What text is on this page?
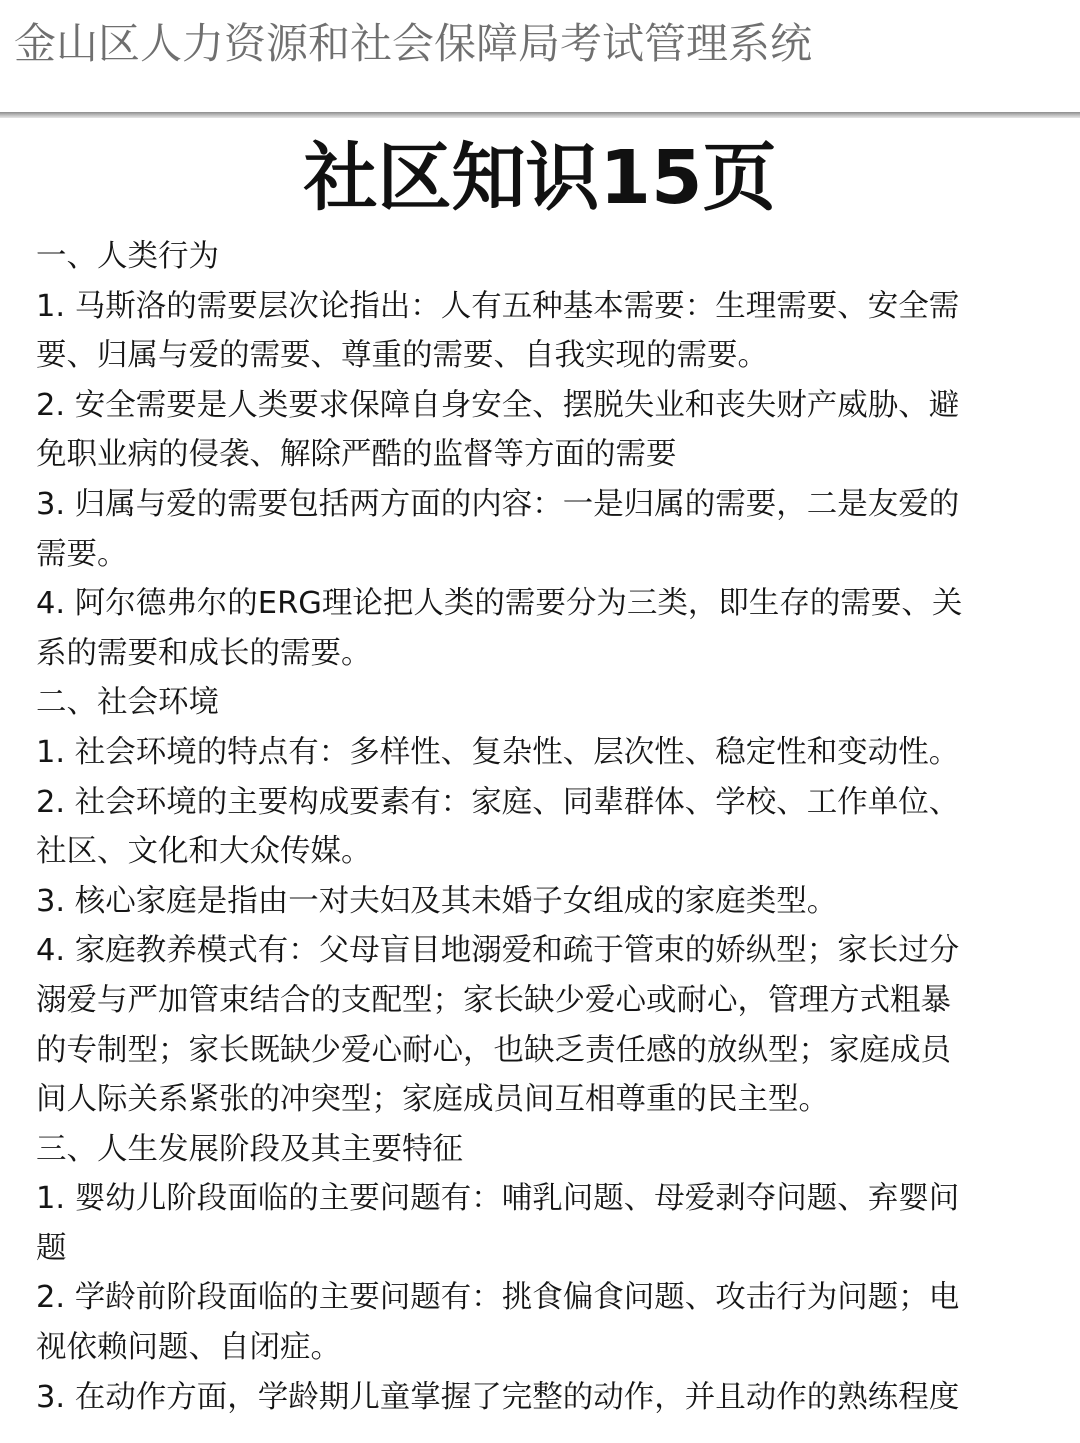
金山区人力资源和社会保障局考试管理系统
社区知识15页
一、人类行为
1. 马斯洛的需要层次论指出：人有五种基本需要：生理需要、安全需
要、归属与爱的需要、尊重的需要、自我实现的需要。
2. 安全需要是人类要求保障自身安全、摆脱失业和丧失财产威胁、避
免职业病的侵袭、解除严酷的监督等方面的需要
3. 归属与爱的需要包括两方面的内容：一是归属的需要，二是友爱的
需要。
4. 阿尔德弗尔的ERG理论把人类的需要分为三类，即生存的需要、关
系的需要和成长的需要。
二、社会环境
1. 社会环境的特点有：多样性、复杂性、层次性、稳定性和变动性。
2. 社会环境的主要构成要素有：家庭、同辈群体、学校、工作单位、
社区、文化和大众传媒。
3. 核心家庭是指由一对夫妇及其未婚子女组成的家庭类型。
4. 家庭教养模式有：父母盲目地溺爱和疏于管束的娇纵型；家长过分
溺爱与严加管束结合的支配型；家长缺少爱心或耐心，管理方式粗暴
的专制型；家长既缺少爱心耐心，也缺乏责任感的放纵型；家庭成员
间人际关系紧张的冲突型；家庭成员间互相尊重的民主型。
三、人生发展阶段及其主要特征
1. 婴幼儿阶段面临的主要问题有：哺乳问题、母爱剥夺问题、弃婴问
题
2. 学龄前阶段面临的主要问题有：挑食偏食问题、攻击行为问题；电
视依赖问题、自闭症。
3. 在动作方面，学龄期儿童掌握了完整的动作，并且动作的熟练程度
